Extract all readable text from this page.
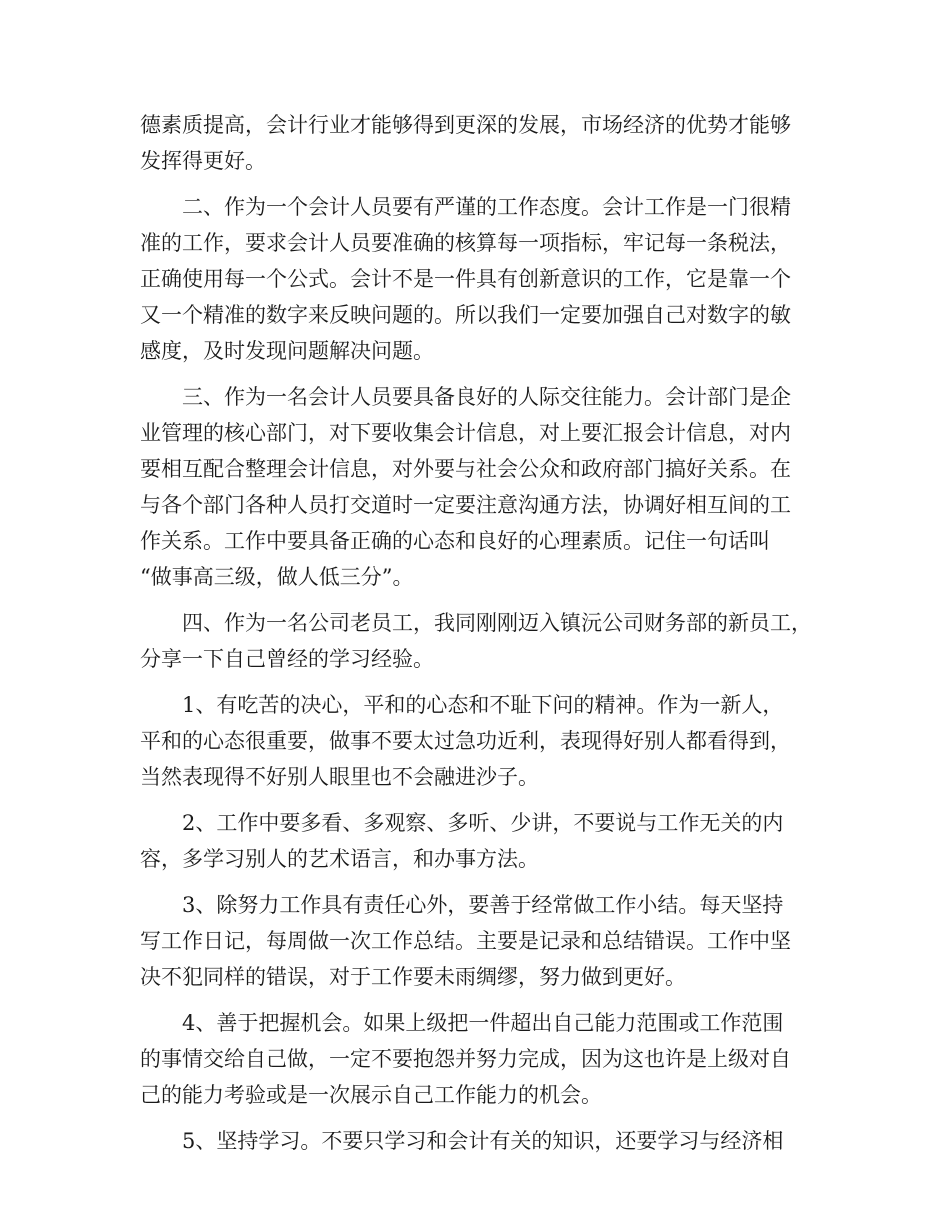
德素质提高，会计行业才能够得到更深的发展，市场经济的优势才能够
发挥得更好。
二、作为一个会计人员要有严谨的工作态度。会计工作是一门很精
准的工作，要求会计人员要准确的核算每一项指标，牢记每一条税法，
正确使用每一个公式。会计不是一件具有创新意识的工作，它是靠一个
又一个精准的数字来反映问题的。所以我们一定要加强自己对数字的敏
感度，及时发现问题解决问题。
三、作为一名会计人员要具备良好的人际交往能力。会计部门是企
业管理的核心部门，对下要收集会计信息，对上要汇报会计信息，对内
要相互配合整理会计信息，对外要与社会公众和政府部门搞好关系。在
与各个部门各种人员打交道时一定要注意沟通方法，协调好相互间的工
作关系。工作中要具备正确的心态和良好的心理素质。记住一句话叫
“做事高三级，做人低三分”。
四、作为一名公司老员工，我同刚刚迈入镇沅公司财务部的新员工，
分享一下自己曾经的学习经验。
1、有吃苦的决心，平和的心态和不耻下问的精神。作为一新人，
平和的心态很重要，做事不要太过急功近利，表现得好别人都看得到，
当然表现得不好别人眼里也不会融进沙子。
2、工作中要多看、多观察、多听、少讲，不要说与工作无关的内
容，多学习别人的艺术语言，和办事方法。
3、除努力工作具有责任心外，要善于经常做工作小结。每天坚持
写工作日记，每周做一次工作总结。主要是记录和总结错误。工作中坚
决不犯同样的错误，对于工作要未雨绸缪，努力做到更好。
4、善于把握机会。如果上级把一件超出自己能力范围或工作范围
的事情交给自己做，一定不要抱怨并努力完成，因为这也许是上级对自
己的能力考验或是一次展示自己工作能力的机会。
5、坚持学习。不要只学习和会计有关的知识，还要学习与经济相
